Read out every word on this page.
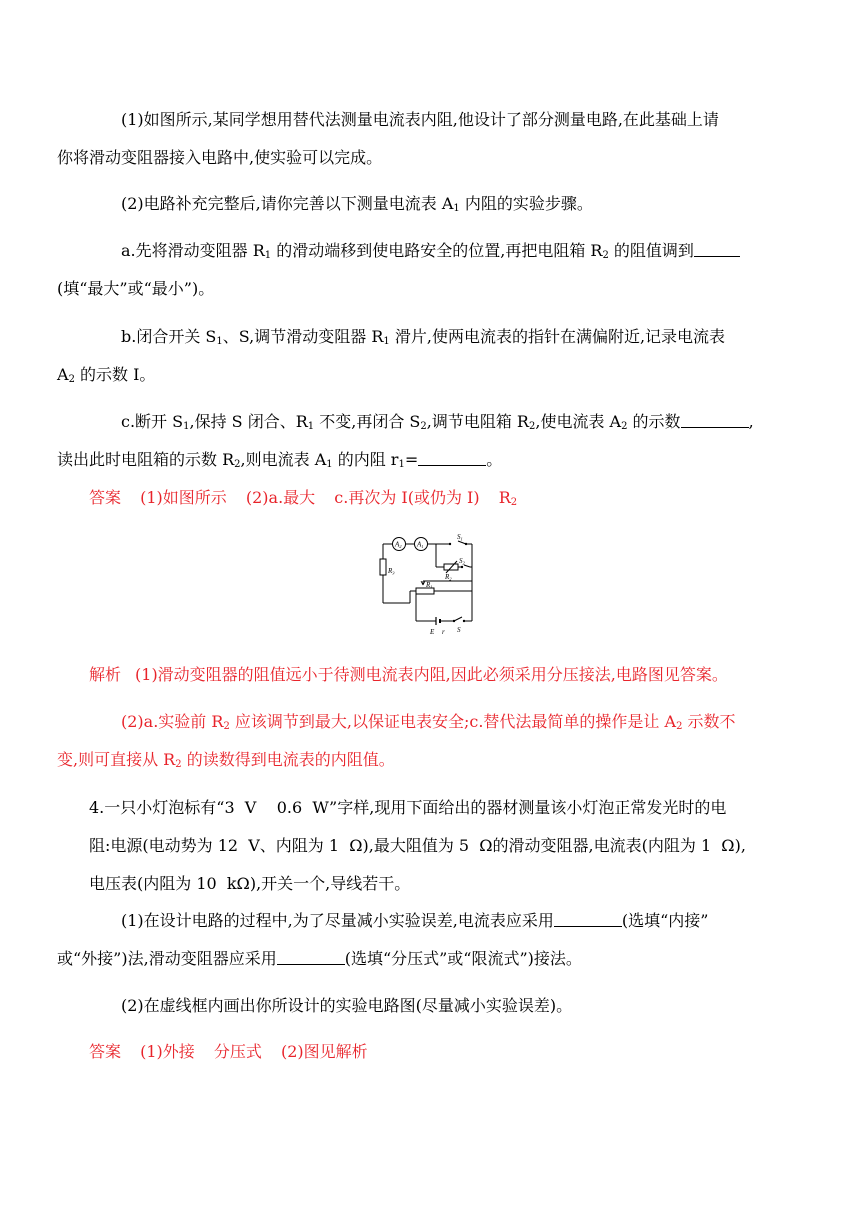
(1)如图所示,某同学想用替代法测量电流表内阻,他设计了部分测量电路,在此基础上请
你将滑动变阻器接入电路中,使实验可以完成。
(2)电路补充完整后,请你完善以下测量电流表 $A_1$ 内阻的实验步骤。
a.先将滑动变阻器 $R_1$ 的滑动端移到使电路安全的位置,再把电阻箱 $R_2$ 的阻值调到
(填“最大”或“最小”)。
b.闭合开关 $S_1$、S,调节滑动变阻器 $R_1$ 滑片,使两电流表的指针在满偏附近,记录电流表
$A_2$ 的示数 I。
c.断开 $S_1$,保持 S 闭合、$R_1$ 不变,再闭合 $S_2$,调节电阻箱 $R_2$,使电流表 $A_2$ 的示数	,
读出此时电阻箱的示数 $R_2$,则电流表 $A_1$ 的内阻 $r_1=$	。
答案 (1)如图所示 (2)a.最大 c.再次为 I(或仍为 I) $R_2$
$A_2$ $A_1$
$S_1$
$S_2$
$R_2$
$R_3$
$R_1$
E r S
解析 (1)滑动变阻器的阻值远小于待测电流表内阻,因此必须采用分压接法,电路图见答案。
(2)a.实验前 $R_2$ 应该调节到最大,以保证电表安全;c.替代法最简单的操作是让 $A_2$ 示数不
变,则可直接从 $R_2$ 的读数得到电流表的内阻值。
4.一只小灯泡标有“3  V    0.6  W”字样,现用下面给出的器材测量该小灯泡正常发光时的电
阻:电源(电动势为 12  V、内阻为 1  Ω),最大阻值为 5  Ω的滑动变阻器,电流表(内阻为 1  Ω),
电压表(内阻为 10  kΩ),开关一个,导线若干。
(1)在设计电路的过程中,为了尽量减小实验误差,电流表应采用	(选填“内接”
或“外接”)法,滑动变阻器应采用	(选填“分压式”或“限流式”)接法。
(2)在虚线框内画出你所设计的实验电路图(尽量减小实验误差)。
答案 (1)外接 分压式 (2)图见解析
